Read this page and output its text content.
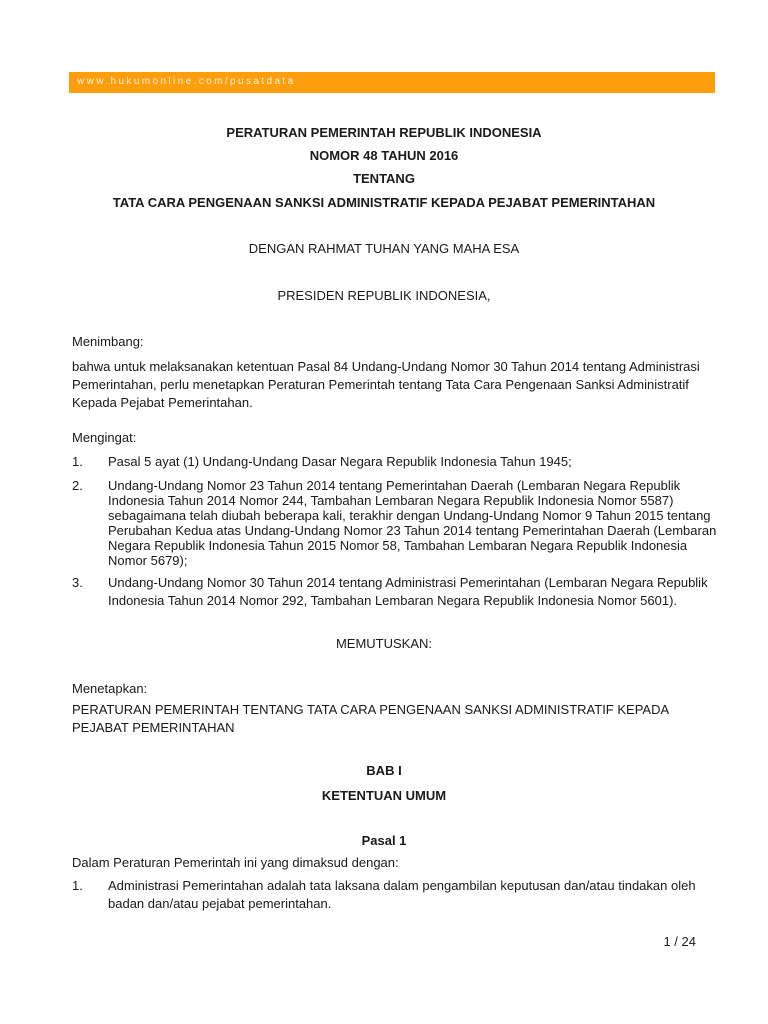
www.hukumonline.com/pusatdata
PERATURAN PEMERINTAH REPUBLIK INDONESIA
NOMOR 48 TAHUN 2016
TENTANG
TATA CARA PENGENAAN SANKSI ADMINISTRATIF KEPADA PEJABAT PEMERINTAHAN
DENGAN RAHMAT TUHAN YANG MAHA ESA
PRESIDEN REPUBLIK INDONESIA,
Menimbang:
bahwa untuk melaksanakan ketentuan Pasal 84 Undang-Undang Nomor 30 Tahun 2014 tentang Administrasi
Pemerintahan, perlu menetapkan Peraturan Pemerintah tentang Tata Cara Pengenaan Sanksi Administratif
Kepada Pejabat Pemerintahan.
Mengingat:
1. Pasal 5 ayat (1) Undang-Undang Dasar Negara Republik Indonesia Tahun 1945;
2. Undang-Undang Nomor 23 Tahun 2014 tentang Pemerintahan Daerah (Lembaran Negara Republik
Indonesia Tahun 2014 Nomor 244, Tambahan Lembaran Negara Republik Indonesia Nomor 5587)
sebagaimana telah diubah beberapa kali, terakhir dengan Undang-Undang Nomor 9 Tahun 2015 tentang
Perubahan Kedua atas Undang-Undang Nomor 23 Tahun 2014 tentang Pemerintahan Daerah (Lembaran
Negara Republik Indonesia Tahun 2015 Nomor 58, Tambahan Lembaran Negara Republik Indonesia
Nomor 5679);
3. Undang-Undang Nomor 30 Tahun 2014 tentang Administrasi Pemerintahan (Lembaran Negara Republik
Indonesia Tahun 2014 Nomor 292, Tambahan Lembaran Negara Republik Indonesia Nomor 5601).
MEMUTUSKAN:
Menetapkan:
PERATURAN PEMERINTAH TENTANG TATA CARA PENGENAAN SANKSI ADMINISTRATIF KEPADA
PEJABAT PEMERINTAHAN
BAB I
KETENTUAN UMUM
Pasal 1
Dalam Peraturan Pemerintah ini yang dimaksud dengan:
1. Administrasi Pemerintahan adalah tata laksana dalam pengambilan keputusan dan/atau tindakan oleh
badan dan/atau pejabat pemerintahan.
1 / 24
